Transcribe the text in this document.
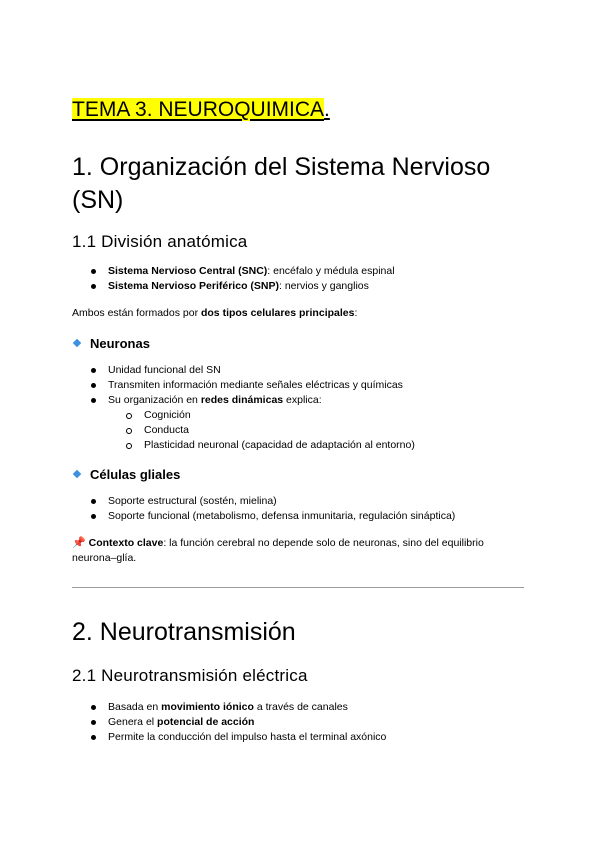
TEMA 3. NEUROQUIMICA.
1. Organización del Sistema Nervioso (SN)
1.1 División anatómica
Sistema Nervioso Central (SNC): encéfalo y médula espinal
Sistema Nervioso Periférico (SNP): nervios y ganglios

Ambos están formados por dos tipos celulares principales:

Neuronas
Unidad funcional del SN
Transmiten información mediante señales eléctricas y químicas
Su organización en redes dinámicas explica:
Cognición
Conducta
Plasticidad neuronal (capacidad de adaptación al entorno)
Células gliales
Soporte estructural (sostén, mielina)
Soporte funcional (metabolismo, defensa inmunitaria, regulación sináptica)

📌 Contexto clave: la función cerebral no depende solo de neuronas, sino del equilibrio
neurona–glía.

2. Neurotransmisión
2.1 Neurotransmisión eléctrica
Basada en movimiento iónico a través de canales
Genera el potencial de acción
Permite la conducción del impulso hasta el terminal axónico
